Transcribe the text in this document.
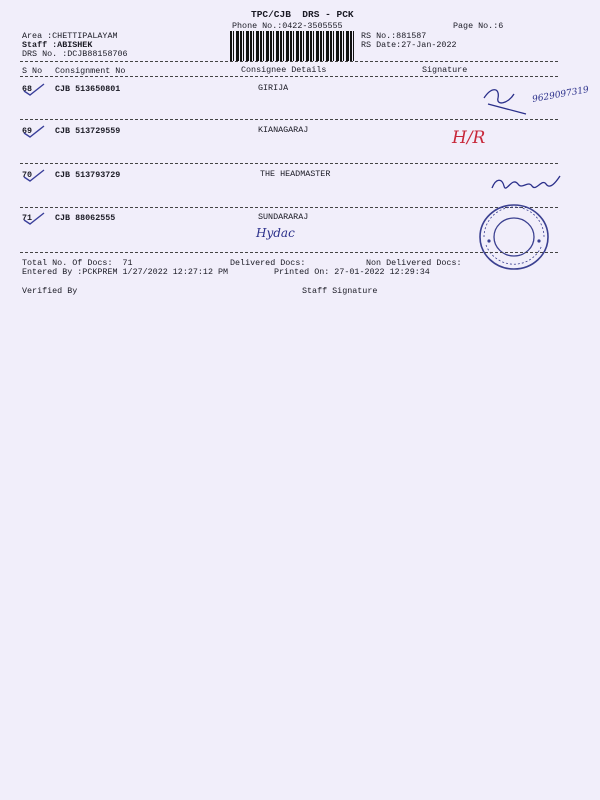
TPC/CJB  DRS - PCK
Phone No.:0422-3505555	Page No.:6
Area :CHETTIPALAYAM
Staff :ABISHEK
DRS No. :DCJB88158706
RS No.:881587
RS Date:27-Jan-2022
S No Consignment No	Consignee Details	Signature
68	CJB 513650801	GIRIJA	9629097319
69	CJB 513729559	KIANAGARAJ	H/R
70	CJB 513793729	THE HEADMASTER
71	CJB 88062555	SUNDARARAJ
Hydac
Total No. Of Docs:  71	Delivered Docs:	Non Delivered Docs:
Entered By :PCKPREM 1/27/2022 12:27:12 PM	Printed On: 27-01-2022 12:29:34
Verified By	Staff Signature
